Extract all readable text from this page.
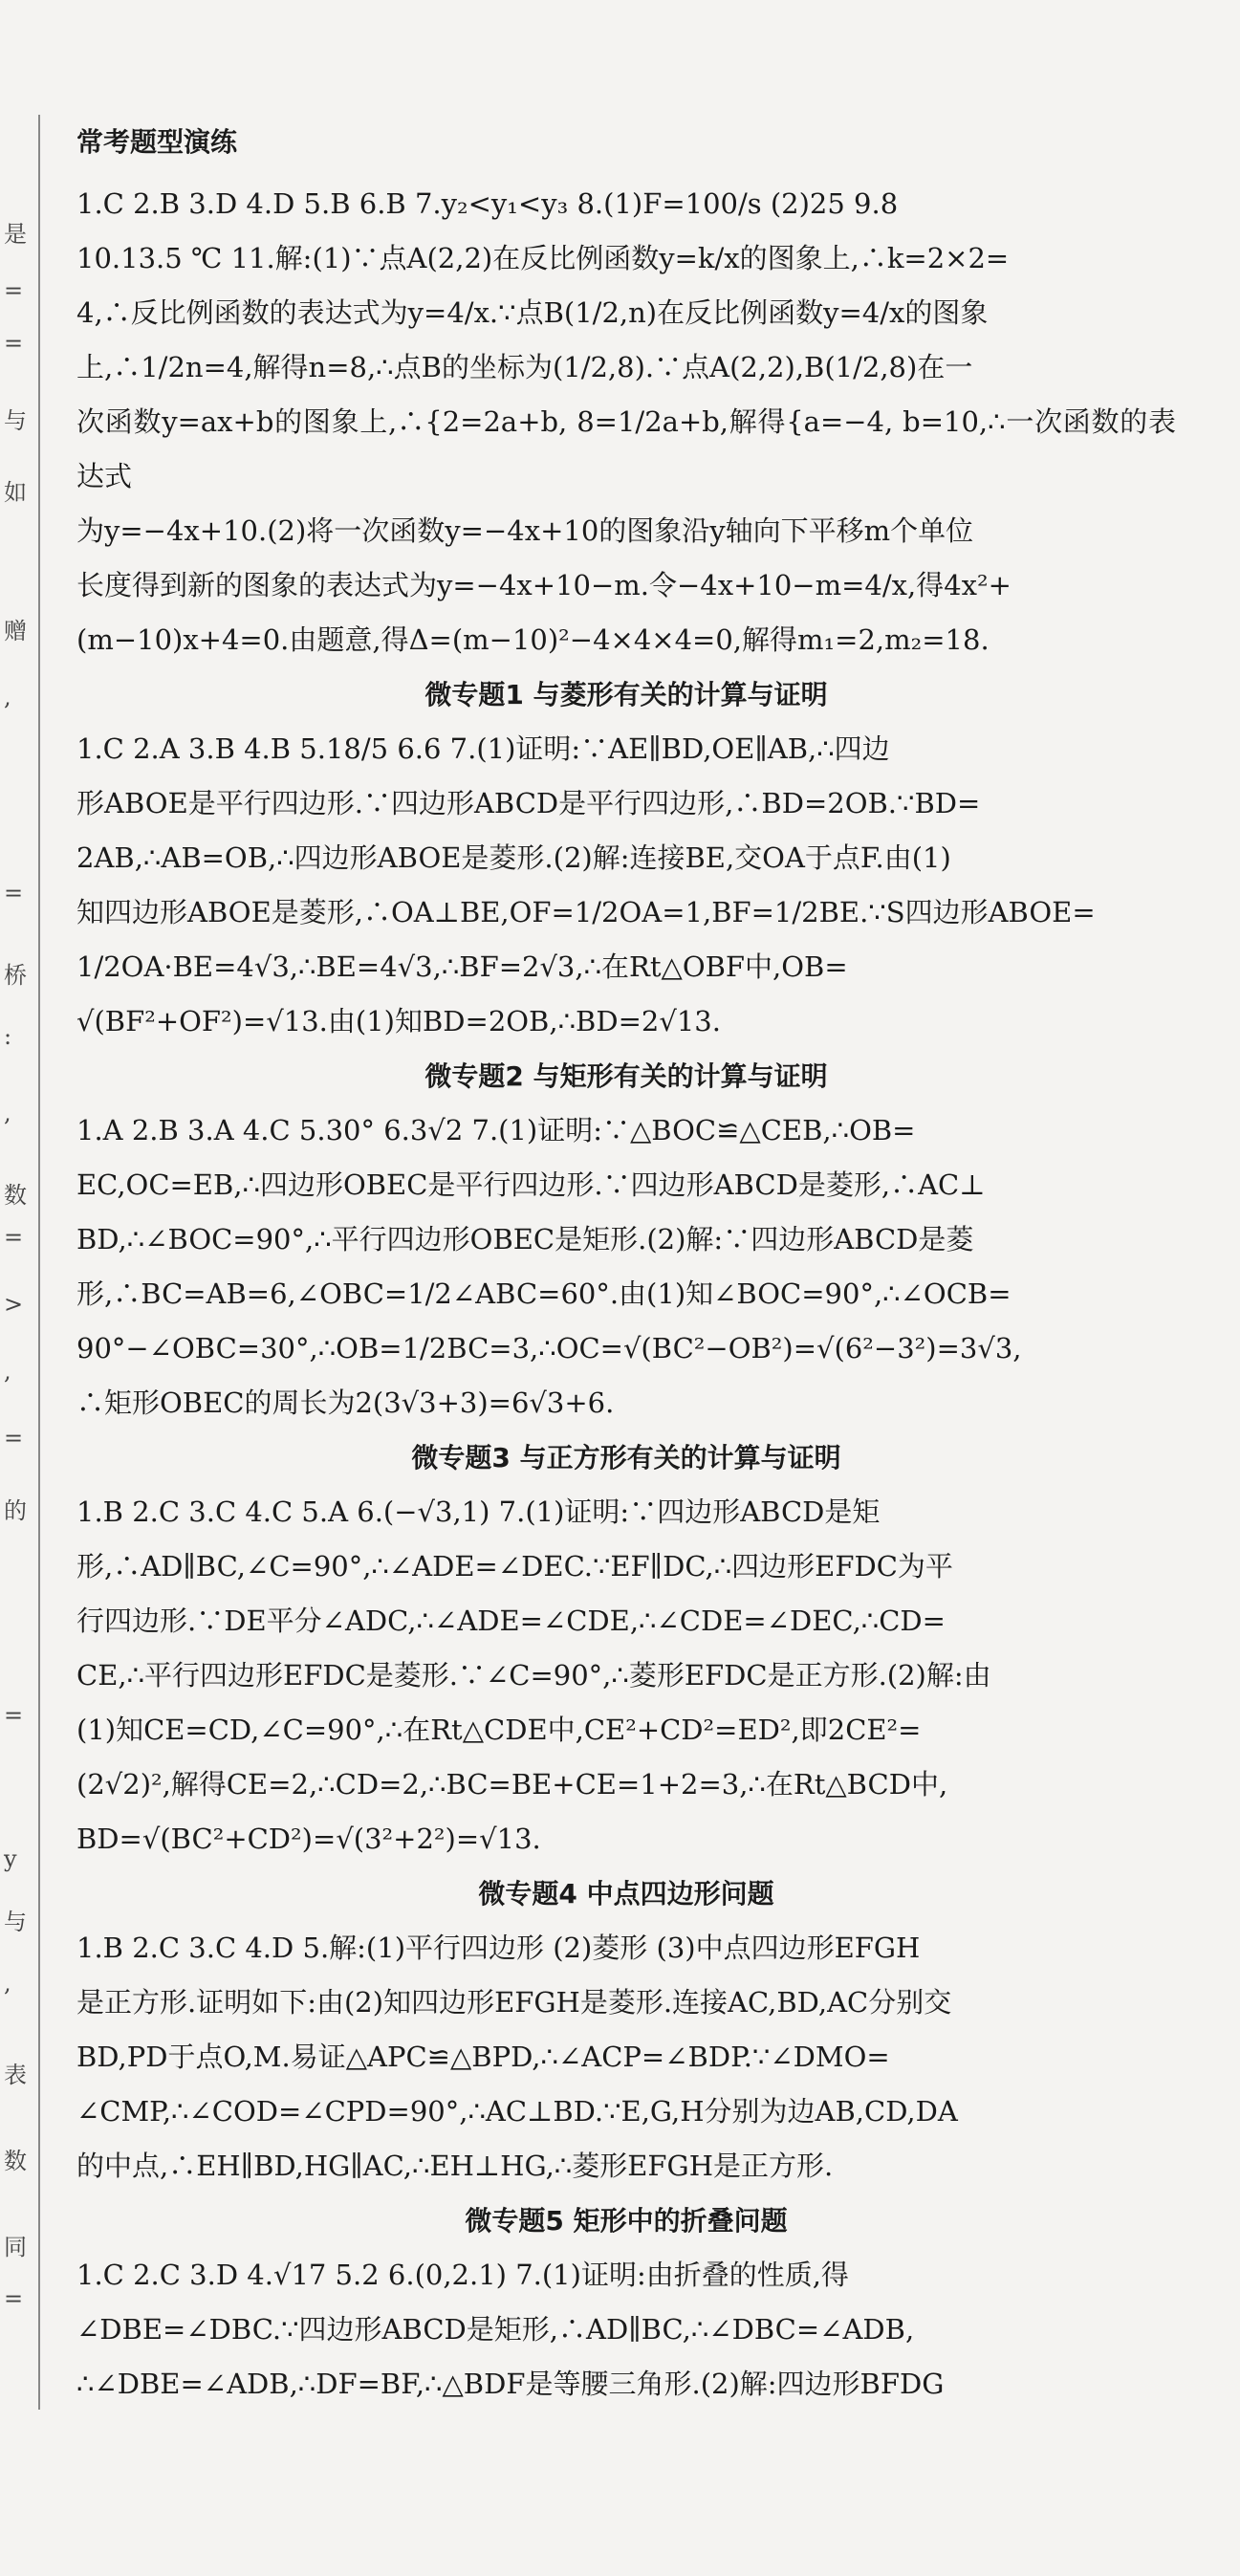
是
=
=
与
如
赠
,
=
桥
:
,
数
=
>
,
=
的
=
y
与
,
表
数
同
=
常考题型演练

1.C 2.B 3.D 4.D 5.B 6.B 7.y₂<y₁<y₃ 8.(1)F=100/s (2)25 9.8

10.13.5 ℃ 11.解:(1)∵点A(2,2)在反比例函数y=k/x的图象上,∴k=2×2=

4,∴反比例函数的表达式为y=4/x.∵点B(1/2,n)在反比例函数y=4/x的图象

上,∴1/2n=4,解得n=8,∴点B的坐标为(1/2,8).∵点A(2,2),B(1/2,8)在一

次函数y=ax+b的图象上,∴{2=2a+b, 8=1/2a+b,解得{a=−4, b=10,∴一次函数的表达式

为y=−4x+10.(2)将一次函数y=−4x+10的图象沿y轴向下平移m个单位

长度得到新的图象的表达式为y=−4x+10−m.令−4x+10−m=4/x,得4x²+

(m−10)x+4=0.由题意,得Δ=(m−10)²−4×4×4=0,解得m₁=2,m₂=18.

微专题1 与菱形有关的计算与证明

1.C 2.A 3.B 4.B 5.18/5 6.6 7.(1)证明:∵AE∥BD,OE∥AB,∴四边

形ABOE是平行四边形.∵四边形ABCD是平行四边形,∴BD=2OB.∵BD=

2AB,∴AB=OB,∴四边形ABOE是菱形.(2)解:连接BE,交OA于点F.由(1)

知四边形ABOE是菱形,∴OA⊥BE,OF=1/2OA=1,BF=1/2BE.∵S四边形ABOE=

1/2OA·BE=4√3,∴BE=4√3,∴BF=2√3,∴在Rt△OBF中,OB=

√(BF²+OF²)=√13.由(1)知BD=2OB,∴BD=2√13.

微专题2 与矩形有关的计算与证明

1.A 2.B 3.A 4.C 5.30° 6.3√2 7.(1)证明:∵△BOC≌△CEB,∴OB=

EC,OC=EB,∴四边形OBEC是平行四边形.∵四边形ABCD是菱形,∴AC⊥

BD,∴∠BOC=90°,∴平行四边形OBEC是矩形.(2)解:∵四边形ABCD是菱

形,∴BC=AB=6,∠OBC=1/2∠ABC=60°.由(1)知∠BOC=90°,∴∠OCB=

90°−∠OBC=30°,∴OB=1/2BC=3,∴OC=√(BC²−OB²)=√(6²−3²)=3√3,

∴矩形OBEC的周长为2(3√3+3)=6√3+6.

微专题3 与正方形有关的计算与证明

1.B 2.C 3.C 4.C 5.A 6.(−√3,1) 7.(1)证明:∵四边形ABCD是矩

形,∴AD∥BC,∠C=90°,∴∠ADE=∠DEC.∵EF∥DC,∴四边形EFDC为平

行四边形.∵DE平分∠ADC,∴∠ADE=∠CDE,∴∠CDE=∠DEC,∴CD=

CE,∴平行四边形EFDC是菱形.∵∠C=90°,∴菱形EFDC是正方形.(2)解:由

(1)知CE=CD,∠C=90°,∴在Rt△CDE中,CE²+CD²=ED²,即2CE²=

(2√2)²,解得CE=2,∴CD=2,∴BC=BE+CE=1+2=3,∴在Rt△BCD中,

BD=√(BC²+CD²)=√(3²+2²)=√13.

微专题4 中点四边形问题

1.B 2.C 3.C 4.D 5.解:(1)平行四边形 (2)菱形 (3)中点四边形EFGH

是正方形.证明如下:由(2)知四边形EFGH是菱形.连接AC,BD,AC分别交

BD,PD于点O,M.易证△APC≌△BPD,∴∠ACP=∠BDP.∵∠DMO=

∠CMP,∴∠COD=∠CPD=90°,∴AC⊥BD.∵E,G,H分别为边AB,CD,DA

的中点,∴EH∥BD,HG∥AC,∴EH⊥HG,∴菱形EFGH是正方形.

微专题5 矩形中的折叠问题

1.C 2.C 3.D 4.√17 5.2 6.(0,2.1) 7.(1)证明:由折叠的性质,得

∠DBE=∠DBC.∵四边形ABCD是矩形,∴AD∥BC,∴∠DBC=∠ADB,

∴∠DBE=∠ADB,∴DF=BF,∴△BDF是等腰三角形.(2)解:四边形BFDG
